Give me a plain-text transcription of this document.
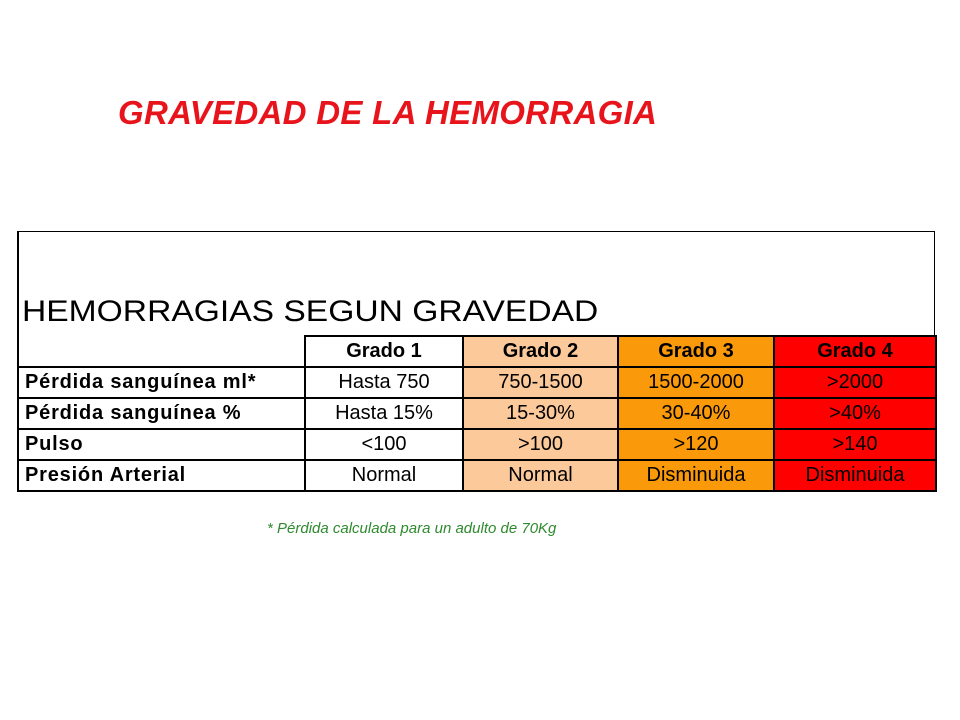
GRAVEDAD DE LA HEMORRAGIA
HEMORRAGIAS SEGUN GRAVEDAD
	Grado 1	Grado 2	Grado 3	Grado 4
Pérdida sanguínea ml*	Hasta 750	750-1500	1500-2000	>2000
Pérdida sanguínea %	Hasta 15%	15-30%	30-40%	>40%
Pulso	<100	>100	>120	>140
Presión Arterial	Normal	Normal	Disminuida	Disminuida
* Pérdida calculada para un adulto de 70Kg
